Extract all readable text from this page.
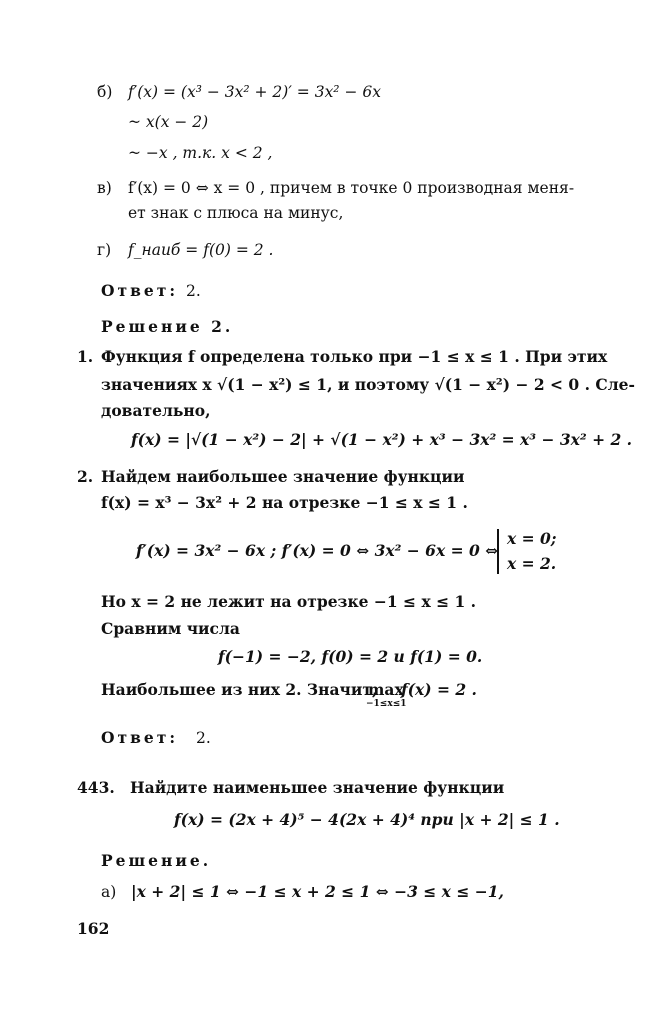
б) f′(x) = (x³ − 3x² + 2)′ = 3x² − 6x
~ x(x − 2)
~ −x , т.к. x < 2 ,
в) f′(x) = 0 ⇔ x = 0 , причем в точке 0 производная меня-
ет знак с плюса на минус,
г) f_наиб = f(0) = 2 .
Ответ: 2.
Решение 2.
1. Функция f определена только при −1 ≤ x ≤ 1 . При этих
значениях x √(1 − x²) ≤ 1, и поэтому √(1 − x²) − 2 < 0 . Сле-
довательно,
f(x) = |√(1 − x²) − 2| + √(1 − x²) + x³ − 3x² = x³ − 3x² + 2 .
2. Найдем наибольшее значение функции
f(x) = x³ − 3x² + 2 на отрезке −1 ≤ x ≤ 1 .
f′(x) = 3x² − 6x ; f′(x) = 0 ⇔ 3x² − 6x = 0 ⇔
x = 0;
x = 2.
Но x = 2 не лежит на отрезке −1 ≤ x ≤ 1 .
Сравним числа
f(−1) = −2, f(0) = 2 и f(1) = 0.
Наибольшее из них 2. Значит,
max
−1≤x≤1
f(x) = 2 .
Ответ: 2.
443. Найдите наименьшее значение функции
f(x) = (2x + 4)⁵ − 4(2x + 4)⁴ при |x + 2| ≤ 1 .
Решение.
а) |x + 2| ≤ 1 ⇔ −1 ≤ x + 2 ≤ 1 ⇔ −3 ≤ x ≤ −1,
162
